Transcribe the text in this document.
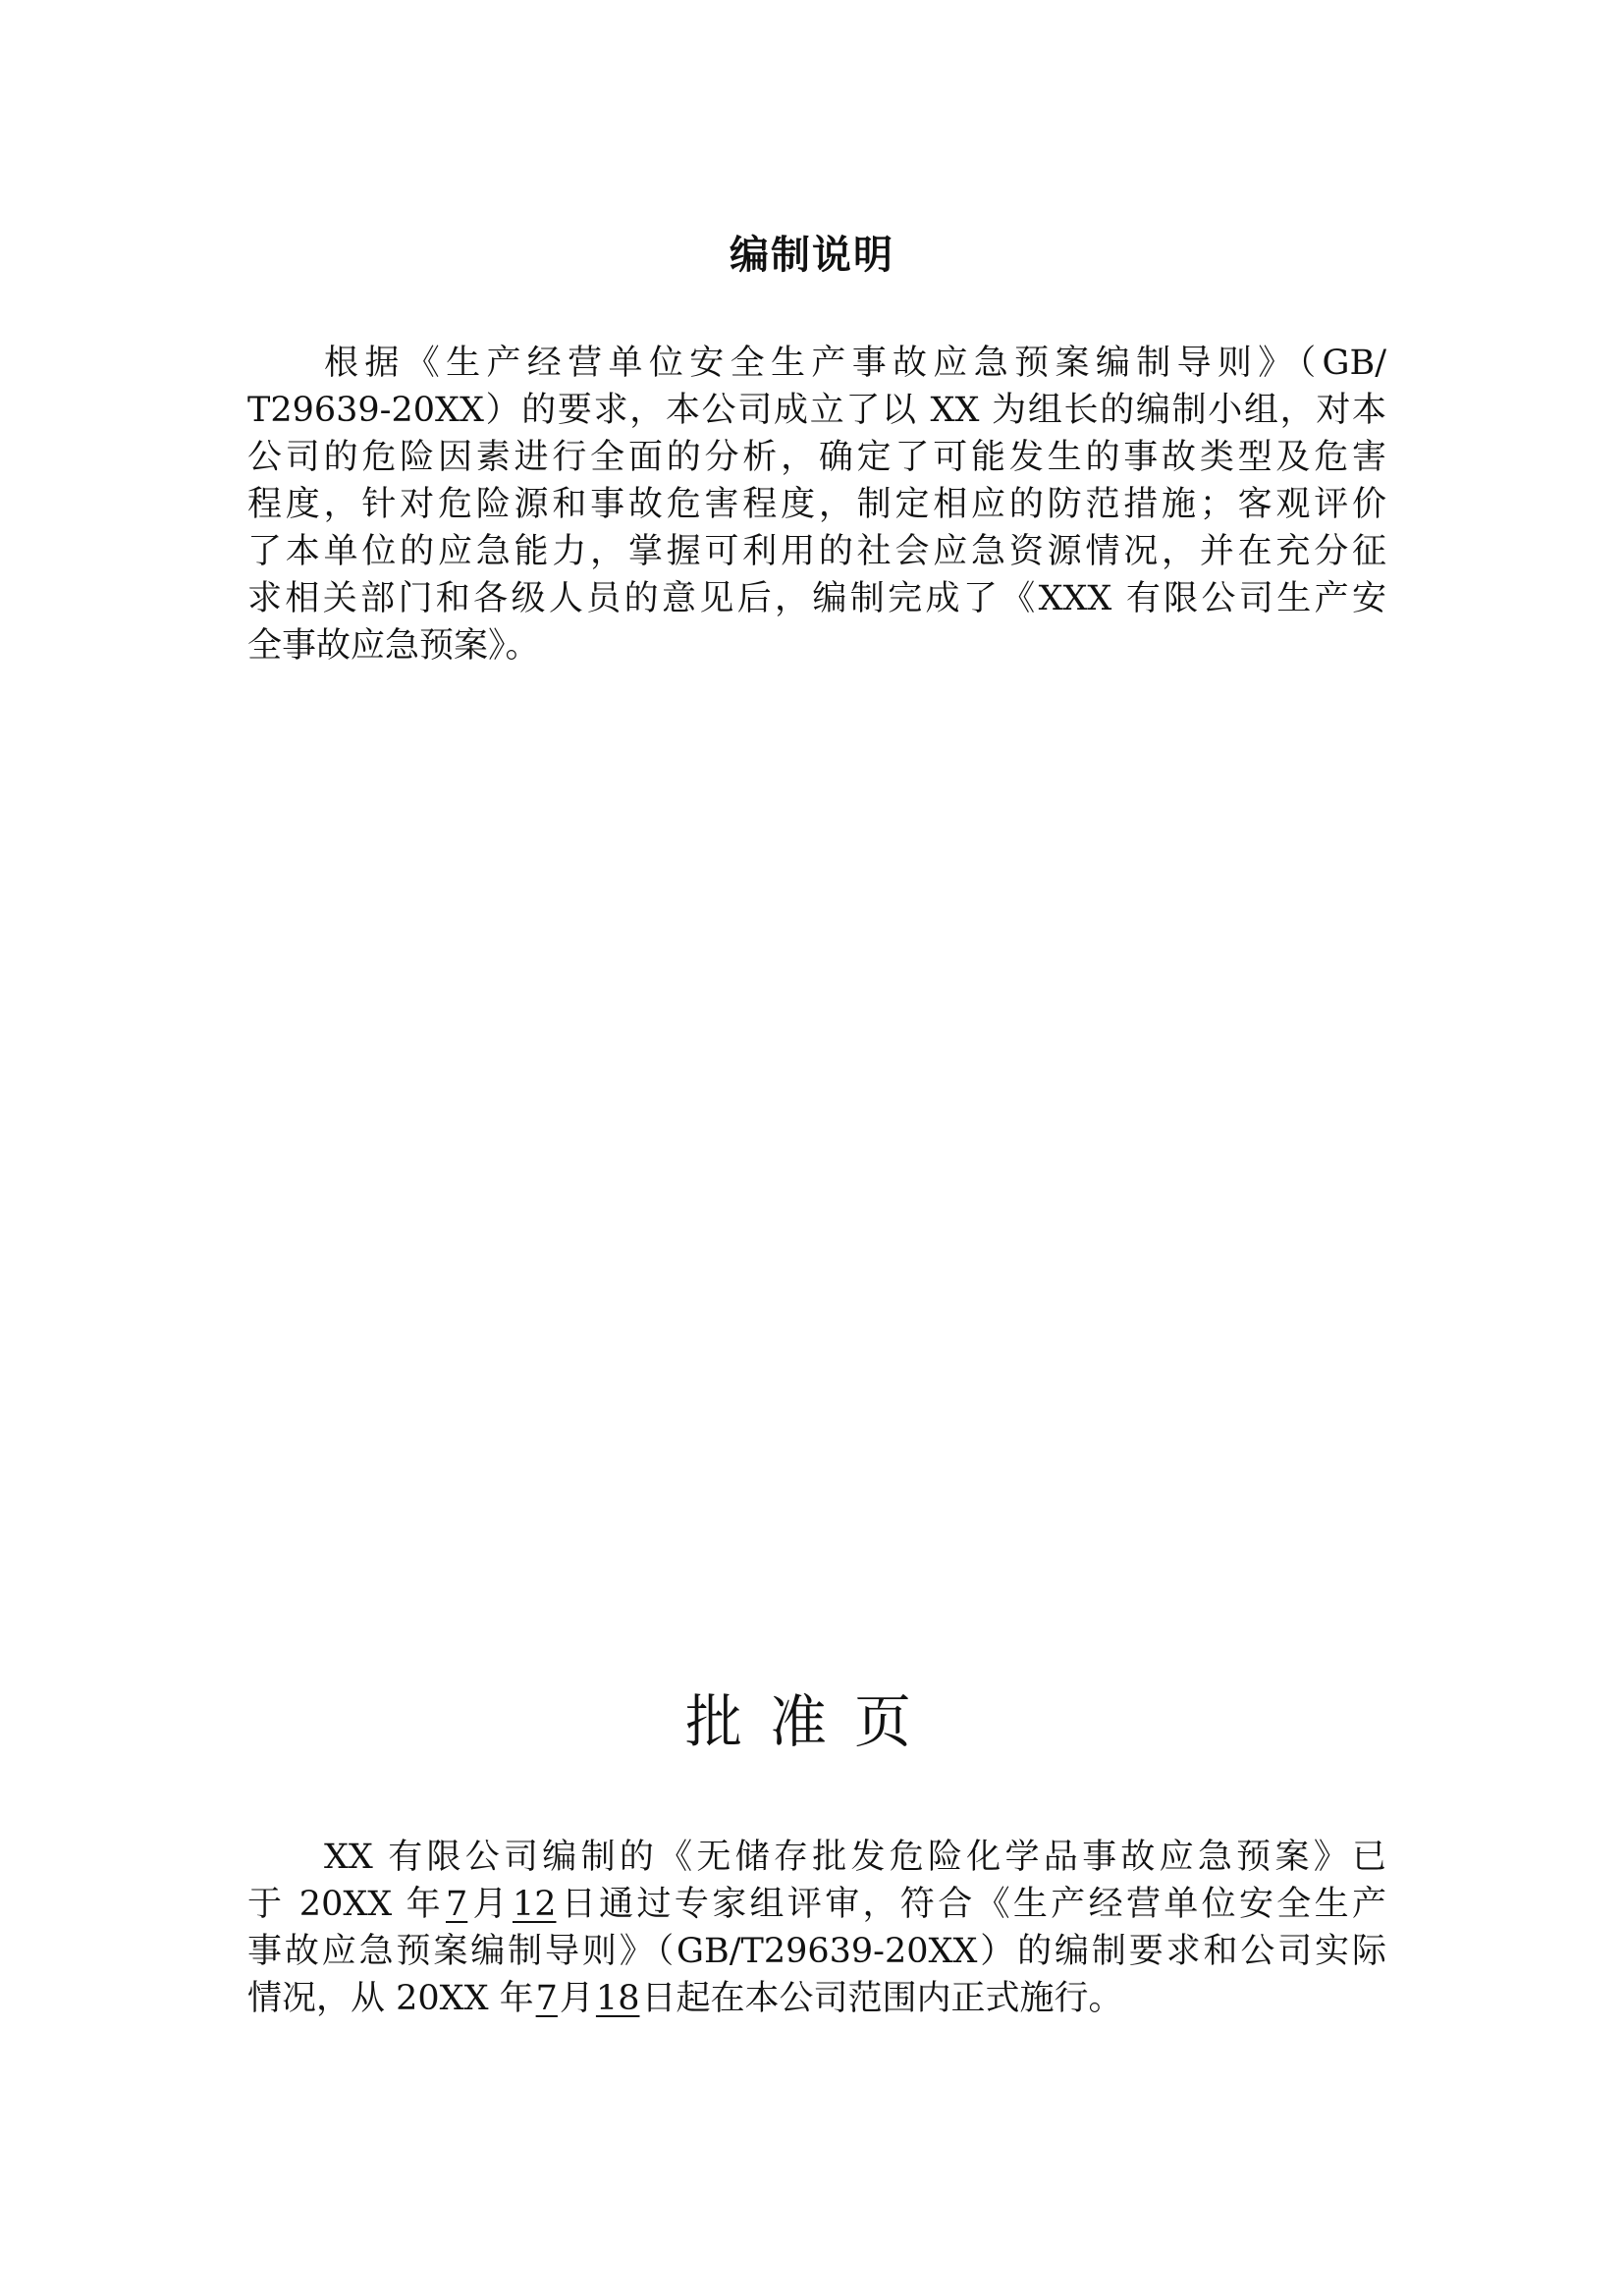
编制说明
根据《生产经营单位安全生产事故应急预案编制导则》（GB/
T29639-20XX）的要求，本公司成立了以 XX 为组长的编制小组，对本
公司的危险因素进行全面的分析，确定了可能发生的事故类型及危害
程度，针对危险源和事故危害程度，制定相应的防范措施；客观评价
了本单位的应急能力，掌握可利用的社会应急资源情况，并在充分征
求相关部门和各级人员的意见后，编制完成了《XXX 有限公司生产安
全事故应急预案》。
批准页
XX 有限公司编制的《无储存批发危险化学品事故应急预案》已
于 20XX 年7月12日通过专家组评审，符合《生产经营单位安全生产
事故应急预案编制导则》（GB/T29639-20XX）的编制要求和公司实际
情况，从 20XX 年7月18日起在本公司范围内正式施行。
